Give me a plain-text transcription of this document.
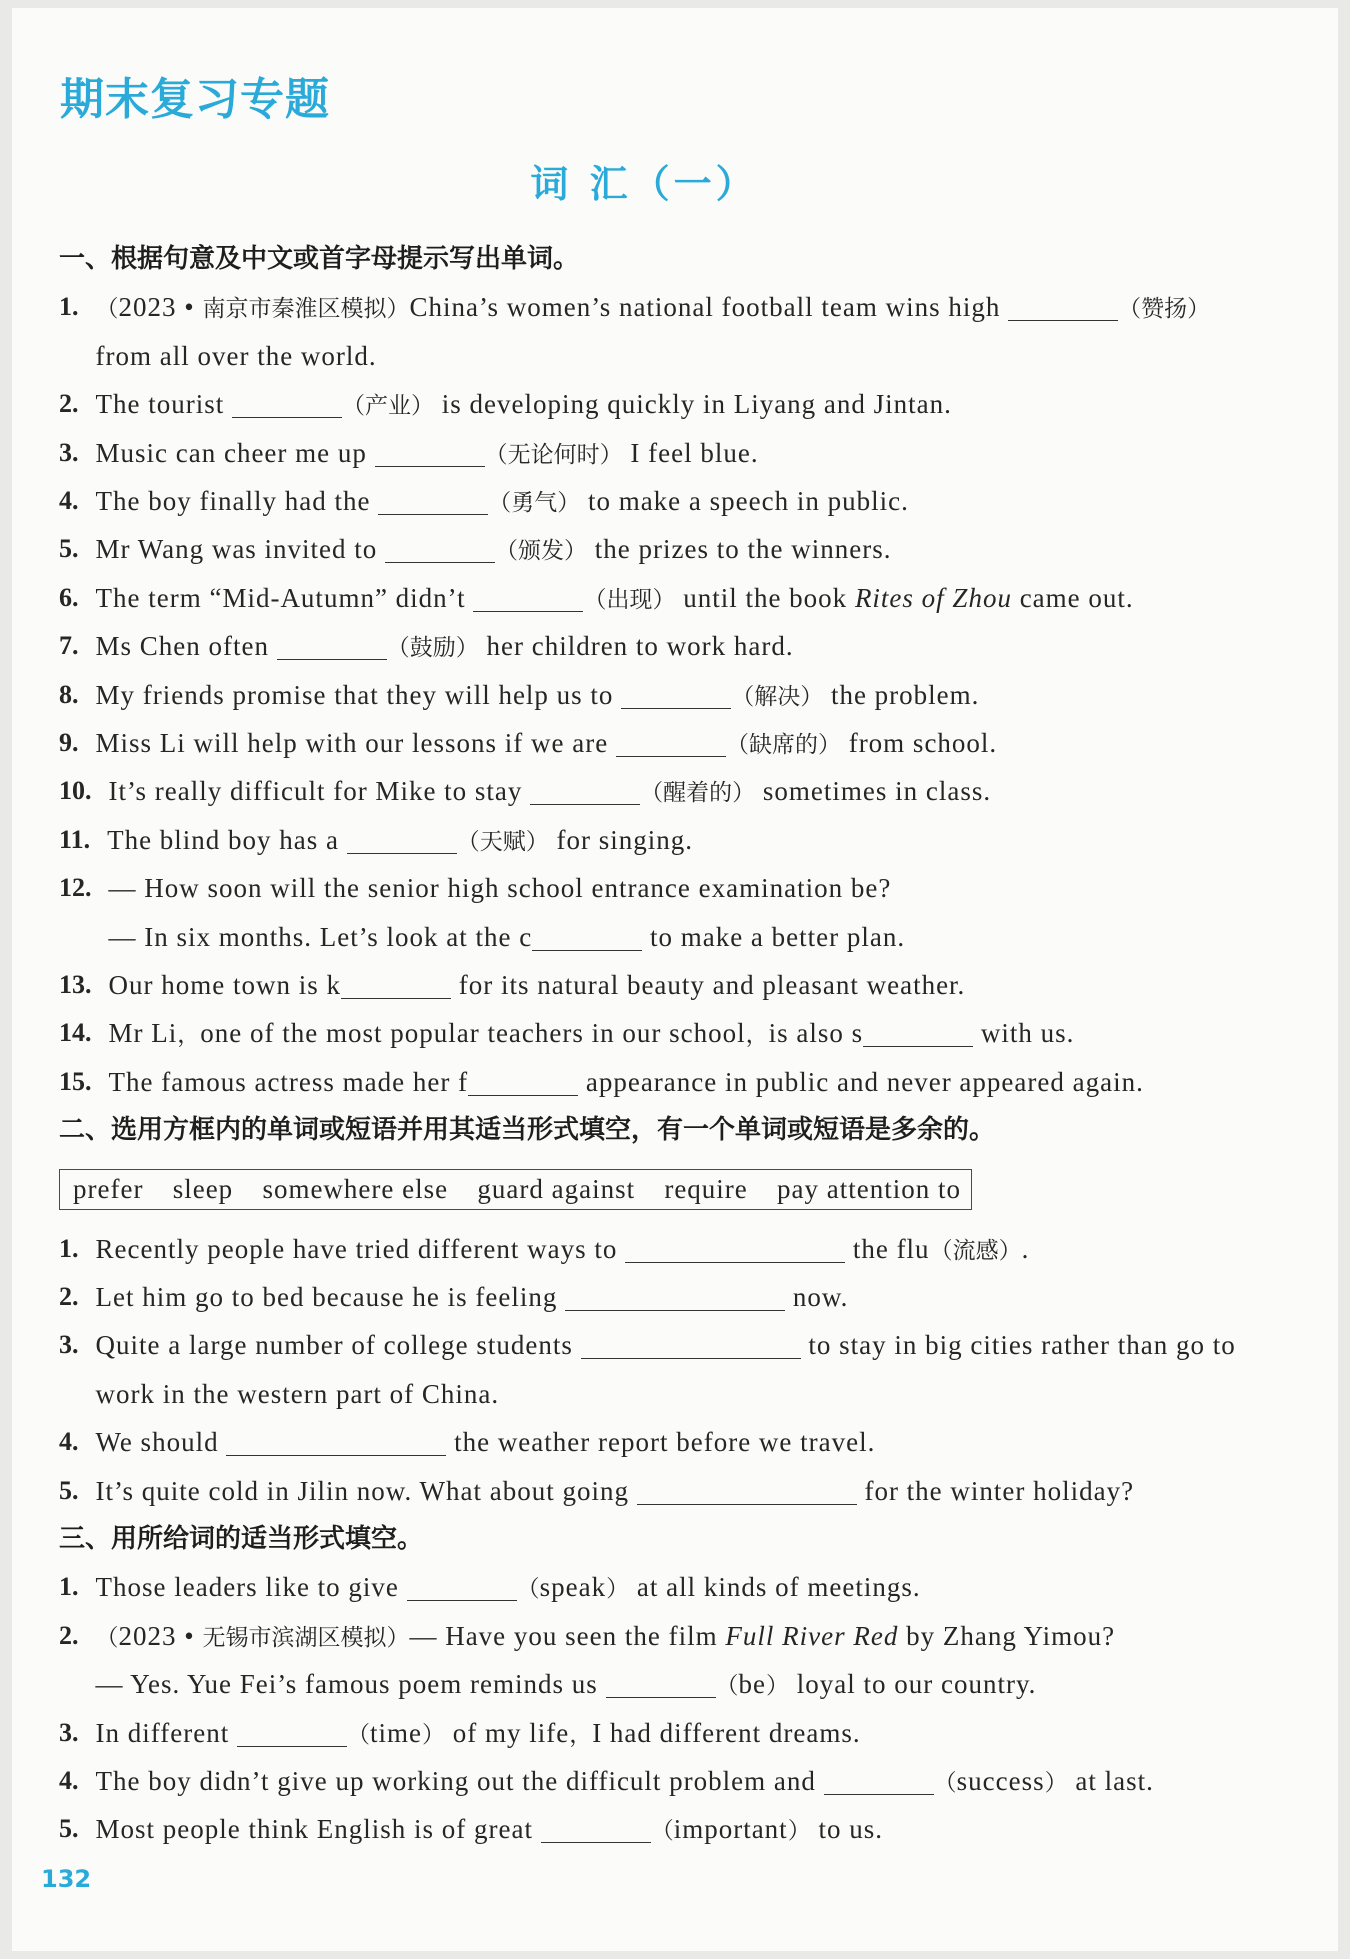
期末复习专题
词 汇（一）
一、根据句意及中文或首字母提示写出单词。
1. （2023 • 南京市秦淮区模拟）China’s women’s national football team wins high	（赞扬）
from all over the world.
2. The tourist	（产业） is developing quickly in Liyang and Jintan.
3. Music can cheer me up	（无论何时） I feel blue.
4. The boy finally had the	（勇气） to make a speech in public.
5. Mr Wang was invited to	（颁发） the prizes to the winners.
6. The term “Mid-Autumn” didn’t	（出现） until the book Rites of Zhou came out.
7. Ms Chen often	（鼓励） her children to work hard.
8. My friends promise that they will help us to	（解决） the problem.
9. Miss Li will help with our lessons if we are	（缺席的） from school.
10. It’s really difficult for Mike to stay	（醒着的） sometimes in class.
11. The blind boy has a	（天赋） for singing.
12. — How soon will the senior high school entrance examination be?
— In six months. Let’s look at the c	to make a better plan.
13. Our home town is k	for its natural beauty and pleasant weather.
14. Mr Li，one of the most popular teachers in our school，is also s	with us.
15. The famous actress made her f	appearance in public and never appeared again.
二、选用方框内的单词或短语并用其适当形式填空，有一个单词或短语是多余的。
prefer sleep somewhere else guard against require pay attention to
1. Recently people have tried different ways to	the flu（流感）.
2. Let him go to bed because he is feeling	now.
3. Quite a large number of college students	to stay in big cities rather than go to
work in the western part of China.
4. We should	the weather report before we travel.
5. It’s quite cold in Jilin now. What about going	for the winter holiday?
三、用所给词的适当形式填空。
1. Those leaders like to give	（speak） at all kinds of meetings.
2. （2023 • 无锡市滨湖区模拟）— Have you seen the film Full River Red by Zhang Yimou?
— Yes. Yue Fei’s famous poem reminds us	（be） loyal to our country.
3. In different	（time） of my life，I had different dreams.
4. The boy didn’t give up working out the difficult problem and	（success） at last.
5. Most people think English is of great	（important） to us.
132
